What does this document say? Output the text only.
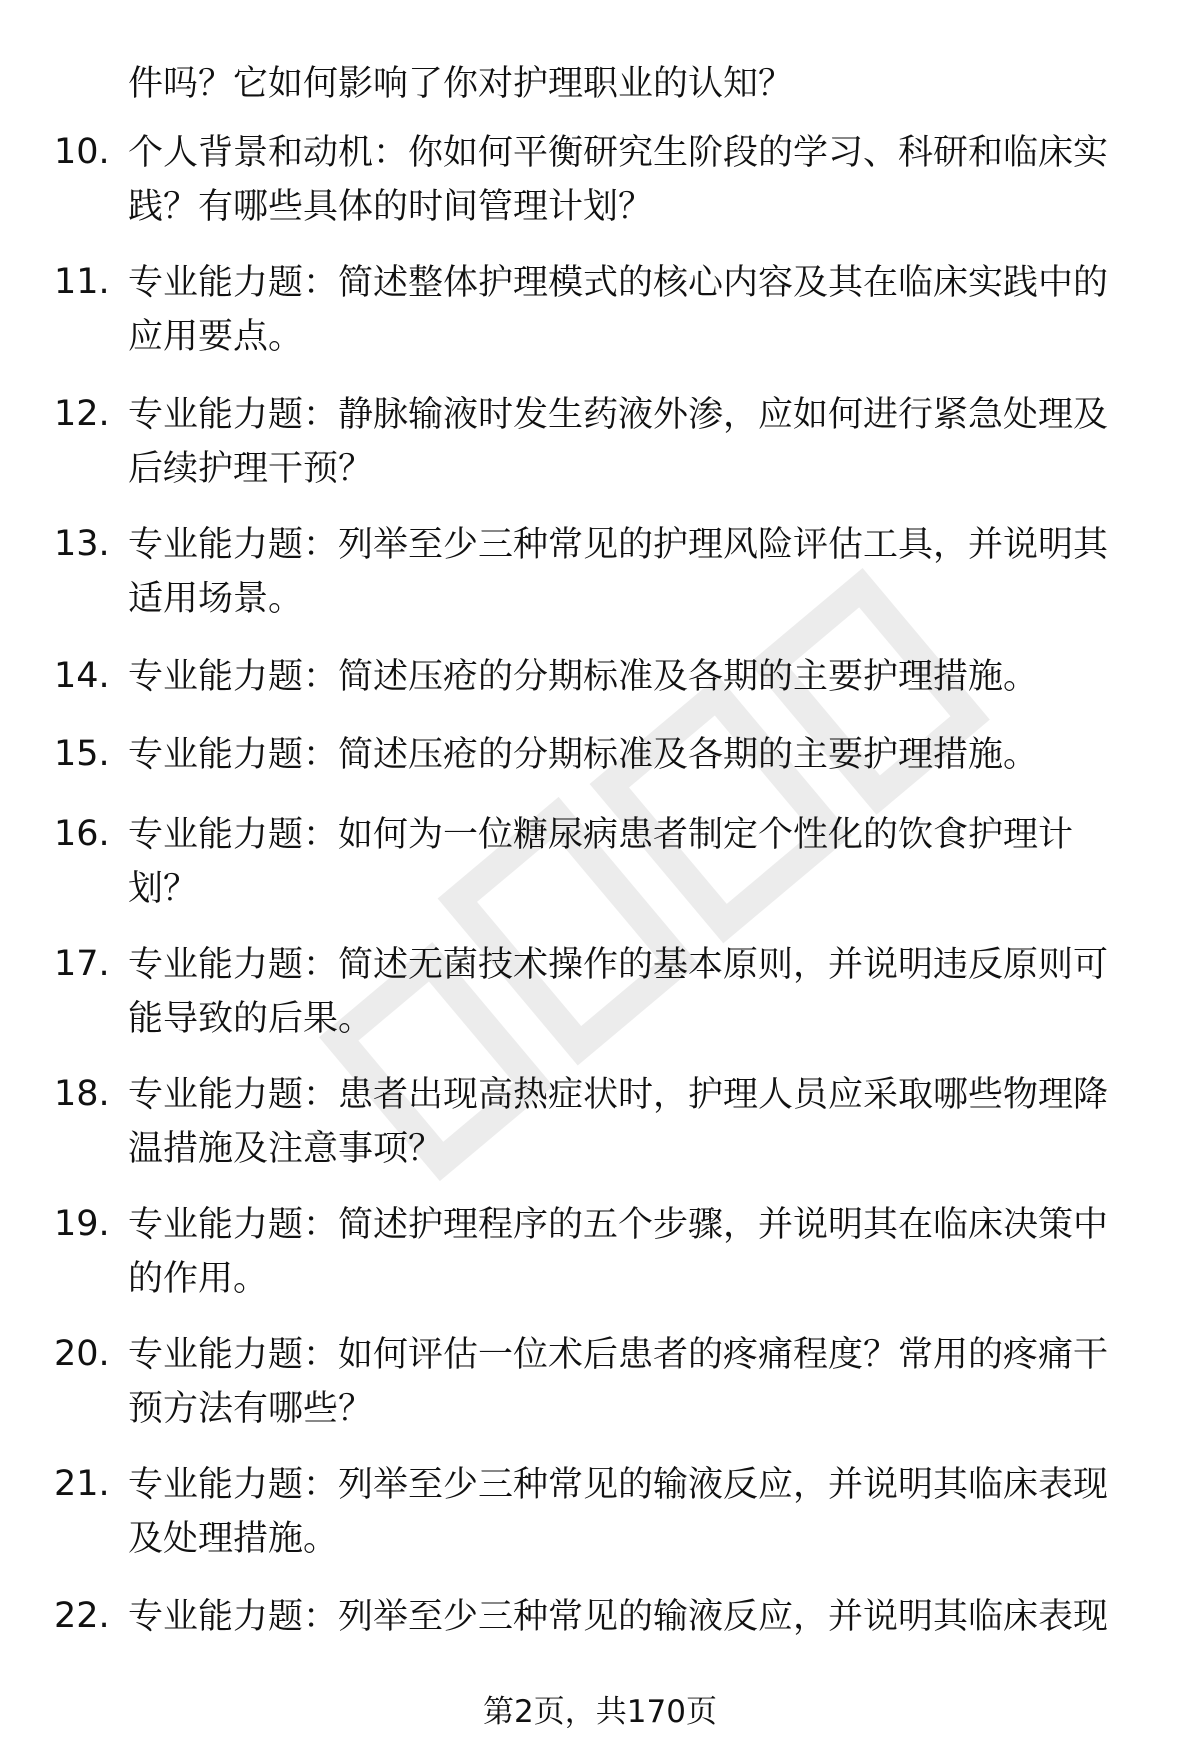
件吗？它如何影响了你对护理职业的认知？
10. 个人背景和动机：你如何平衡研究生阶段的学习、科研和临床实践？有哪些具体的时间管理计划？
11. 专业能力题：简述整体护理模式的核心内容及其在临床实践中的应用要点。
12. 专业能力题：静脉输液时发生药液外渗，应如何进行紧急处理及后续护理干预？
13. 专业能力题：列举至少三种常见的护理风险评估工具，并说明其适用场景。
14. 专业能力题：简述压疮的分期标准及各期的主要护理措施。
15. 专业能力题：简述压疮的分期标准及各期的主要护理措施。
16. 专业能力题：如何为一位糖尿病患者制定个性化的饮食护理计划？
17. 专业能力题：简述无菌技术操作的基本原则，并说明违反原则可能导致的后果。
18. 专业能力题：患者出现高热症状时，护理人员应采取哪些物理降温措施及注意事项？
19. 专业能力题：简述护理程序的五个步骤，并说明其在临床决策中的作用。
20. 专业能力题：如何评估一位术后患者的疼痛程度？常用的疼痛干预方法有哪些？
21. 专业能力题：列举至少三种常见的输液反应，并说明其临床表现及处理措施。
22. 专业能力题：列举至少三种常见的输液反应，并说明其临床表现
第2页，共170页
